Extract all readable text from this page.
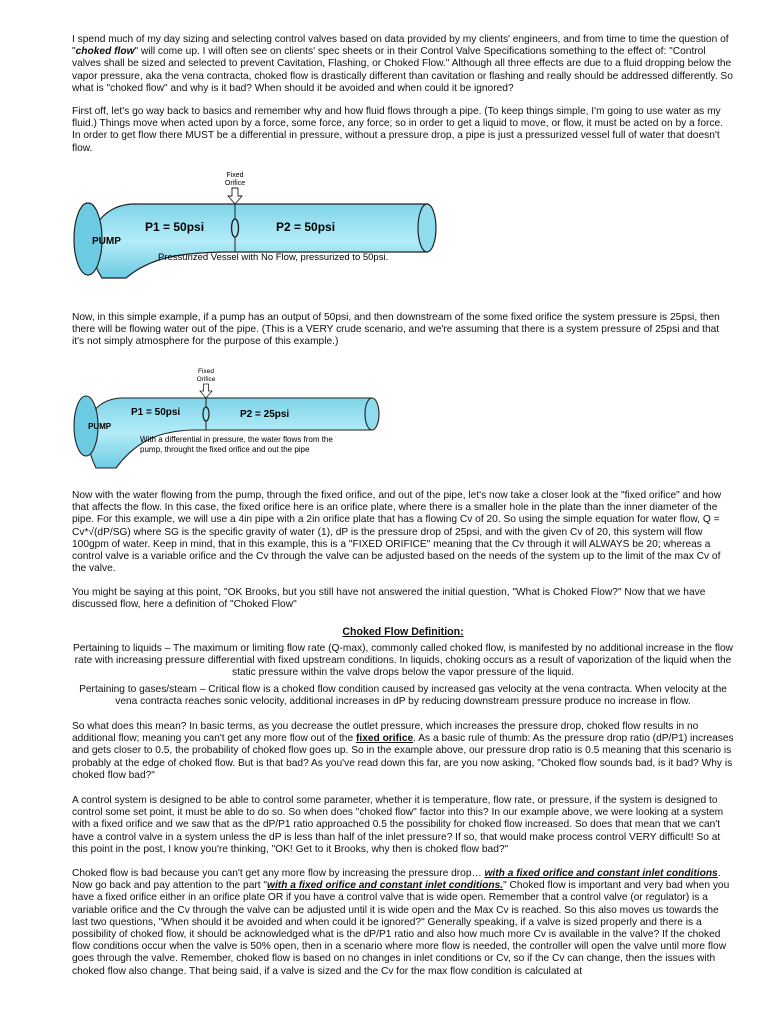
I spend much of my day sizing and selecting control valves based on data provided by my clients' engineers, and from time to time the question of "choked flow" will come up. I will often see on clients' spec sheets or in their Control Valve Specifications something to the effect of: "Control valves shall be sized and selected to prevent Cavitation, Flashing, or Choked Flow." Although all three effects are due to a fluid dropping below the vapor pressure, aka the vena contracta, choked flow is drastically different than cavitation or flashing and really should be addressed differently. So what is "choked flow" and why is it bad? When should it be avoided and when could it be ignored?

First off, let's go way back to basics and remember why and how fluid flows through a pipe. (To keep things simple, I'm going to use water as my fluid.) Things move when acted upon by a force, some force, any force; so in order to get a liquid to move, or flow, it must be acted on by a force. In order to get flow there MUST be a differential in pressure, without a pressure drop, a pipe is just a pressurized vessel full of water that doesn't flow.

Fixed
Orifice
P1 = 50psi	P2 = 50psi
PUMP
Pressurized Vessel with No Flow, pressurized to 50psi.

Now, in this simple example, if a pump has an output of 50psi, and then downstream of the some fixed orifice the system pressure is 25psi, then there will be flowing water out of the pipe. (This is a VERY crude scenario, and we're assuming that there is a system pressure of 25psi and that it's not simply atmosphere for the purpose of this example.)

Fixed
Orifice
P1 = 50psi	P2 = 25psi
PUMP
With a differential in pressure, the water flows from the
pump, throught the fixed orifice and out the pipe

Now with the water flowing from the pump, through the fixed orifice, and out of the pipe, let's now take a closer look at the "fixed orifice" and how that affects the flow. In this case, the fixed orifice here is an orifice plate, where there is a smaller hole in the plate than the inner diameter of the pipe. For this example, we will use a 4in pipe with a 2in orifice plate that has a flowing Cv of 20. So using the simple equation for water flow, Q = Cv*√(dP/SG) where SG is the specific gravity of water (1), dP is the pressure drop of 25psi, and with the given Cv of 20, this system will flow 100gpm of water. Keep in mind, that in this example, this is a "FIXED ORIFICE" meaning that the Cv through it will ALWAYS be 20; whereas a control valve is a variable orifice and the Cv through the valve can be adjusted based on the needs of the system up to the limit of the max Cv of the valve.

You might be saying at this point, "OK Brooks, but you still have not answered the initial question, "What is Choked Flow?" Now that we have discussed flow, here a definition of "Choked Flow"

Choked Flow Definition:

Pertaining to liquids – The maximum or limiting flow rate (Q-max), commonly called choked flow, is manifested by no additional increase in the flow rate with increasing pressure differential with fixed upstream conditions. In liquids, choking occurs as a result of vaporization of the liquid when the static pressure within the valve drops below the vapor pressure of the liquid.

Pertaining to gases/steam – Critical flow is a choked flow condition caused by increased gas velocity at the vena contracta. When velocity at the vena contracta reaches sonic velocity, additional increases in dP by reducing downstream pressure produce no increase in flow.

So what does this mean? In basic terms, as you decrease the outlet pressure, which increases the pressure drop, choked flow results in no additional flow; meaning you can't get any more flow out of the fixed orifice. As a basic rule of thumb: As the pressure drop ratio (dP/P1) increases and gets closer to 0.5, the probability of choked flow goes up. So in the example above, our pressure drop ratio is 0.5 meaning that this scenario is probably at the edge of choked flow. But is that bad? As you've read down this far, are you now asking, "Choked flow sounds bad, is it bad? Why is choked flow bad?"

A control system is designed to be able to control some parameter, whether it is temperature, flow rate, or pressure, if the system is designed to control some set point, it must be able to do so. So when does "choked flow" factor into this? In our example above, we were looking at a system with a fixed orifice and we saw that as the dP/P1 ratio approached 0.5 the possibility for choked flow increased. So does that mean that we can't have a control valve in a system unless the dP is less than half of the inlet pressure? If so, that would make process control VERY difficult! So at this point in the post, I know you're thinking, "OK! Get to it Brooks, why then is choked flow bad?"

Choked flow is bad because you can't get any more flow by increasing the pressure drop… with a fixed orifice and constant inlet conditions. Now go back and pay attention to the part "with a fixed orifice and constant inlet conditions." Choked flow is important and very bad when you have a fixed orifice either in an orifice plate OR if you have a control valve that is wide open. Remember that a control valve (or regulator) is a variable orifice and the Cv through the valve can be adjusted until it is wide open and the Max Cv is reached. So this also moves us towards the last two questions, "When should it be avoided and when could it be ignored?" Generally speaking, if a valve is sized properly and there is a possibility of choked flow, it should be acknowledged what is the dP/P1 ratio and also how much more Cv is available in the valve? If the choked flow conditions occur when the valve is 50% open, then in a scenario where more flow is needed, the controller will open the valve until more flow goes through the valve. Remember, choked flow is based on no changes in inlet conditions or Cv, so if the Cv can change, then the issues with choked flow also change. That being said, if a valve is sized and the Cv for the max flow condition is calculated at
